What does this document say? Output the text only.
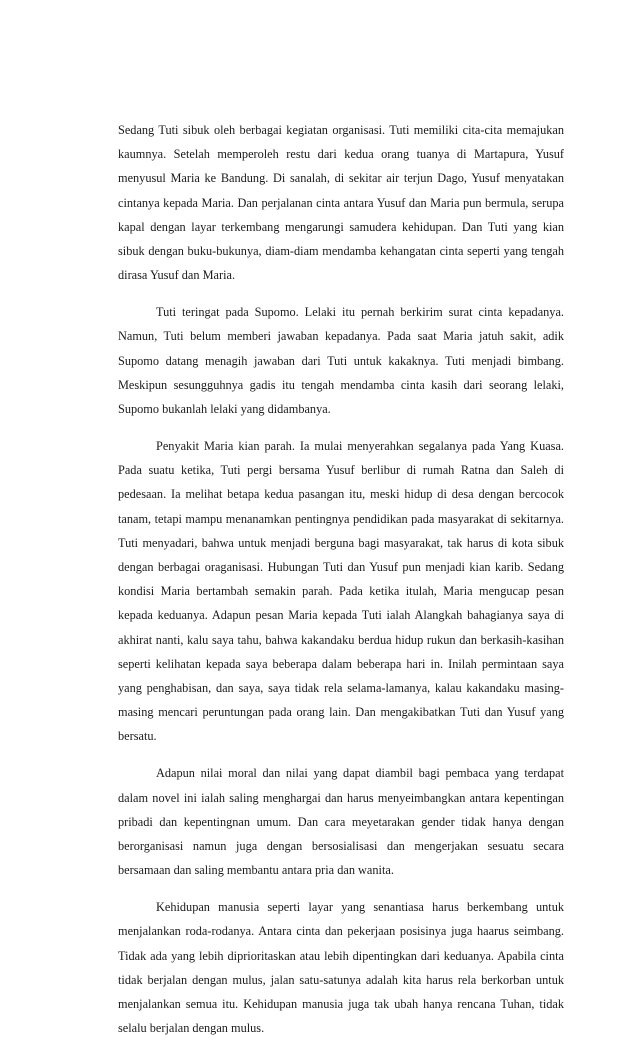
Sedang Tuti sibuk oleh berbagai kegiatan organisasi. Tuti memiliki cita-cita memajukan kaumnya. Setelah memperoleh restu dari kedua orang tuanya di Martapura, Yusuf menyusul Maria ke Bandung. Di sanalah, di sekitar air terjun Dago, Yusuf menyatakan cintanya kepada Maria. Dan perjalanan cinta antara Yusuf dan Maria pun bermula, serupa kapal dengan layar terkembang mengarungi samudera kehidupan. Dan Tuti yang kian sibuk dengan buku-bukunya, diam-diam mendamba kehangatan cinta seperti yang tengah dirasa Yusuf dan Maria.

Tuti teringat pada Supomo. Lelaki itu pernah berkirim surat cinta kepadanya. Namun, Tuti belum memberi jawaban kepadanya. Pada saat Maria jatuh sakit, adik Supomo datang menagih jawaban dari Tuti untuk kakaknya. Tuti menjadi bimbang. Meskipun sesungguhnya gadis itu tengah mendamba cinta kasih dari seorang lelaki, Supomo bukanlah lelaki yang didambanya.

Penyakit Maria kian parah. Ia mulai menyerahkan segalanya pada Yang Kuasa. Pada suatu ketika, Tuti pergi bersama Yusuf berlibur di rumah Ratna dan Saleh di pedesaan. Ia melihat betapa kedua pasangan itu, meski hidup di desa dengan bercocok tanam, tetapi mampu menanamkan pentingnya pendidikan pada masyarakat di sekitarnya. Tuti menyadari, bahwa untuk menjadi berguna bagi masyarakat, tak harus di kota sibuk dengan berbagai oraganisasi. Hubungan Tuti dan Yusuf pun menjadi kian karib. Sedang kondisi Maria bertambah semakin parah. Pada ketika itulah, Maria mengucap pesan kepada keduanya. Adapun pesan Maria kepada Tuti ialah Alangkah bahagianya saya di akhirat nanti, kalu saya tahu, bahwa kakandaku berdua hidup rukun dan berkasih-kasihan seperti kelihatan kepada saya beberapa dalam beberapa hari in. Inilah permintaan saya yang penghabisan, dan saya, saya tidak rela selama-lamanya, kalau kakandaku masing-masing mencari peruntungan pada orang lain. Dan mengakibatkan Tuti dan Yusuf yang bersatu.

Adapun nilai moral dan nilai yang dapat diambil bagi pembaca yang terdapat dalam novel ini ialah saling menghargai dan harus menyeimbangkan antara kepentingan pribadi dan kepentingnan umum. Dan cara meyetarakan gender tidak hanya dengan berorganisasi namun juga dengan bersosialisasi dan mengerjakan sesuatu secara bersamaan dan saling membantu antara pria dan wanita.

Kehidupan manusia seperti layar yang senantiasa harus berkembang untuk menjalankan roda-rodanya. Antara cinta dan pekerjaan posisinya juga haarus seimbang. Tidak ada yang lebih diprioritaskan atau lebih dipentingkan dari keduanya. Apabila cinta tidak berjalan dengan mulus, jalan satu-satunya adalah kita harus rela berkorban untuk menjalankan semua itu. Kehidupan manusia juga tak ubah hanya rencana Tuhan, tidak selalu berjalan dengan mulus.
